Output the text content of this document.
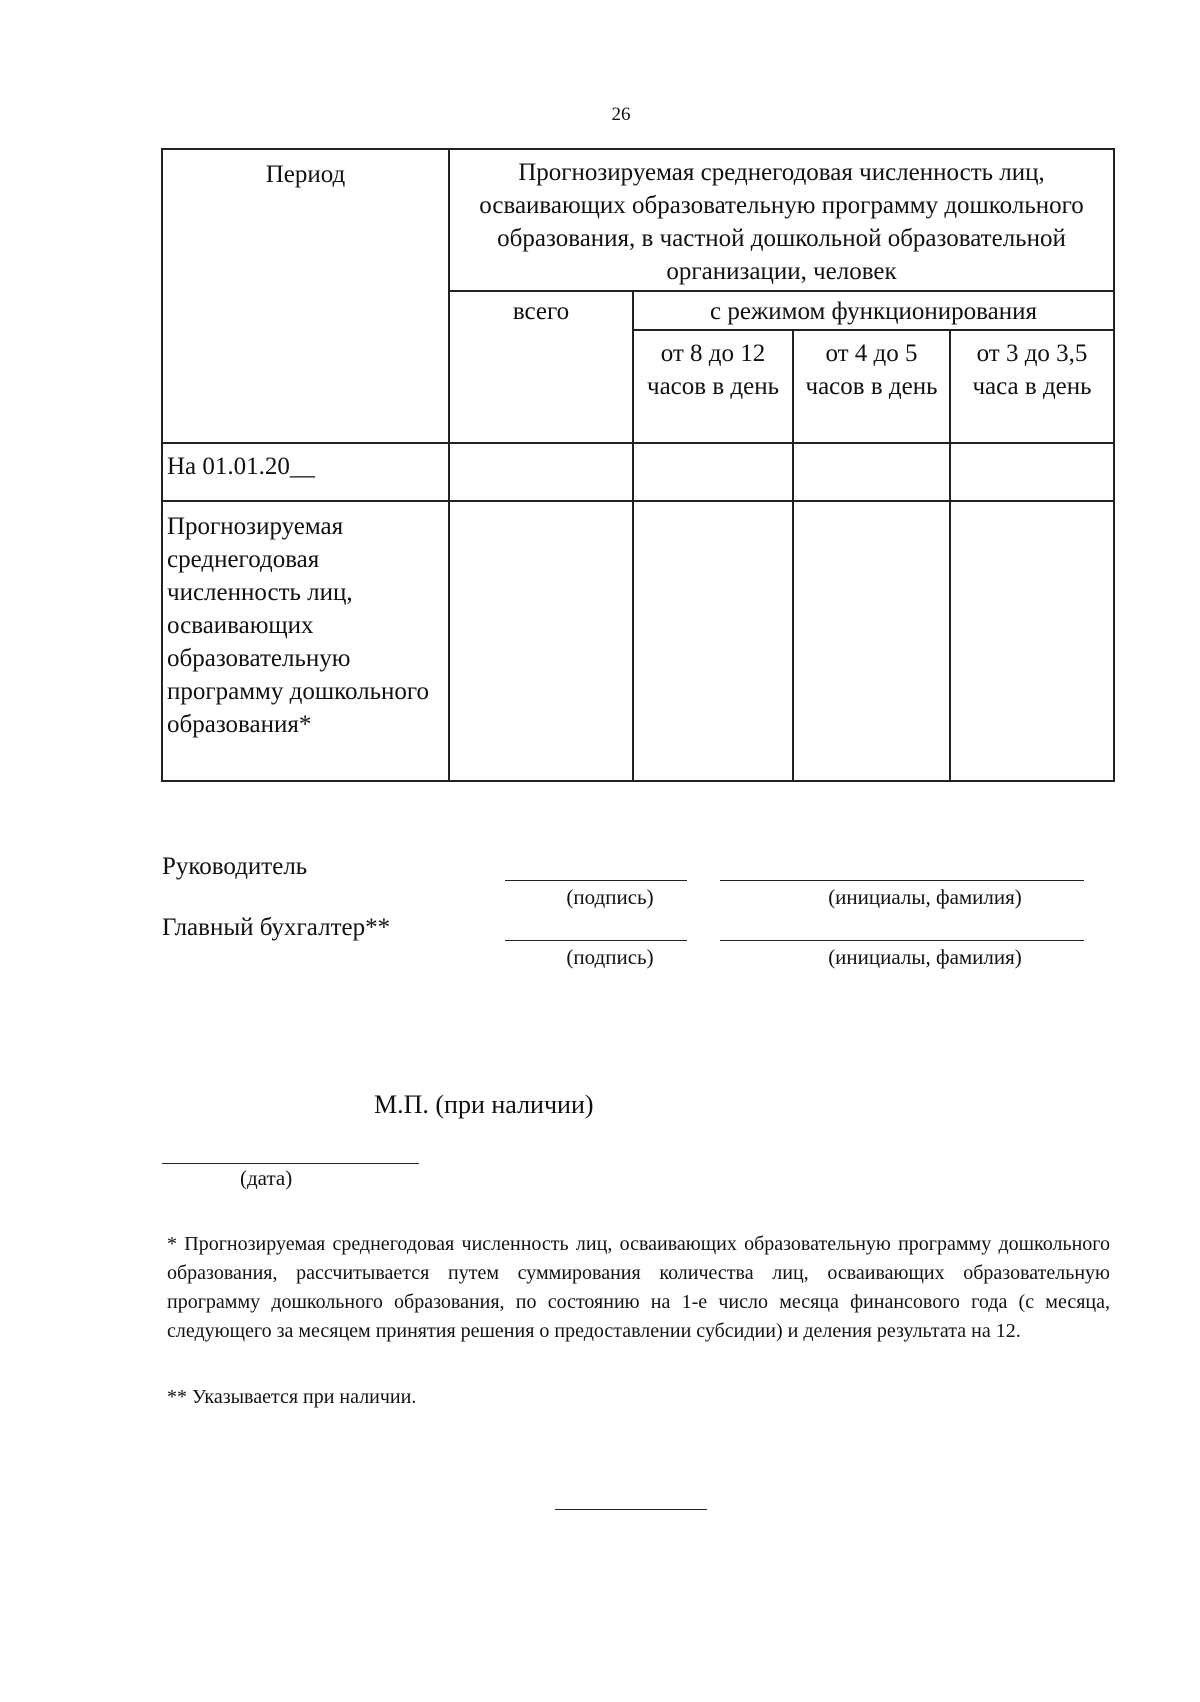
26
Период	Прогнозируемая среднегодовая численность лиц, осваивающих образовательную программу дошкольного образования, в частной дошкольной образовательной организации, человек			
	всего	с режимом функционирования		
		от 8 до 12 часов в день	от 4 до 5 часов в день	от 3 до 3,5 часа в день
На 01.01.20__				
Прогнозируемая среднегодовая численность лиц, осваивающих образовательную программу дошкольного образования*				
Руководитель
(подпись)	(инициалы, фамилия)
Главный бухгалтер**
(подпись)	(инициалы, фамилия)
М.П. (при наличии)
(дата)
* Прогнозируемая среднегодовая численность лиц, осваивающих образовательную программу дошкольного образования, рассчитывается путем суммирования количества лиц, осваивающих образовательную программу дошкольного образования, по состоянию на 1-е число месяца финансового года (с месяца, следующего за месяцем принятия решения о предоставлении субсидии) и деления результата на 12.
** Указывается при наличии.
